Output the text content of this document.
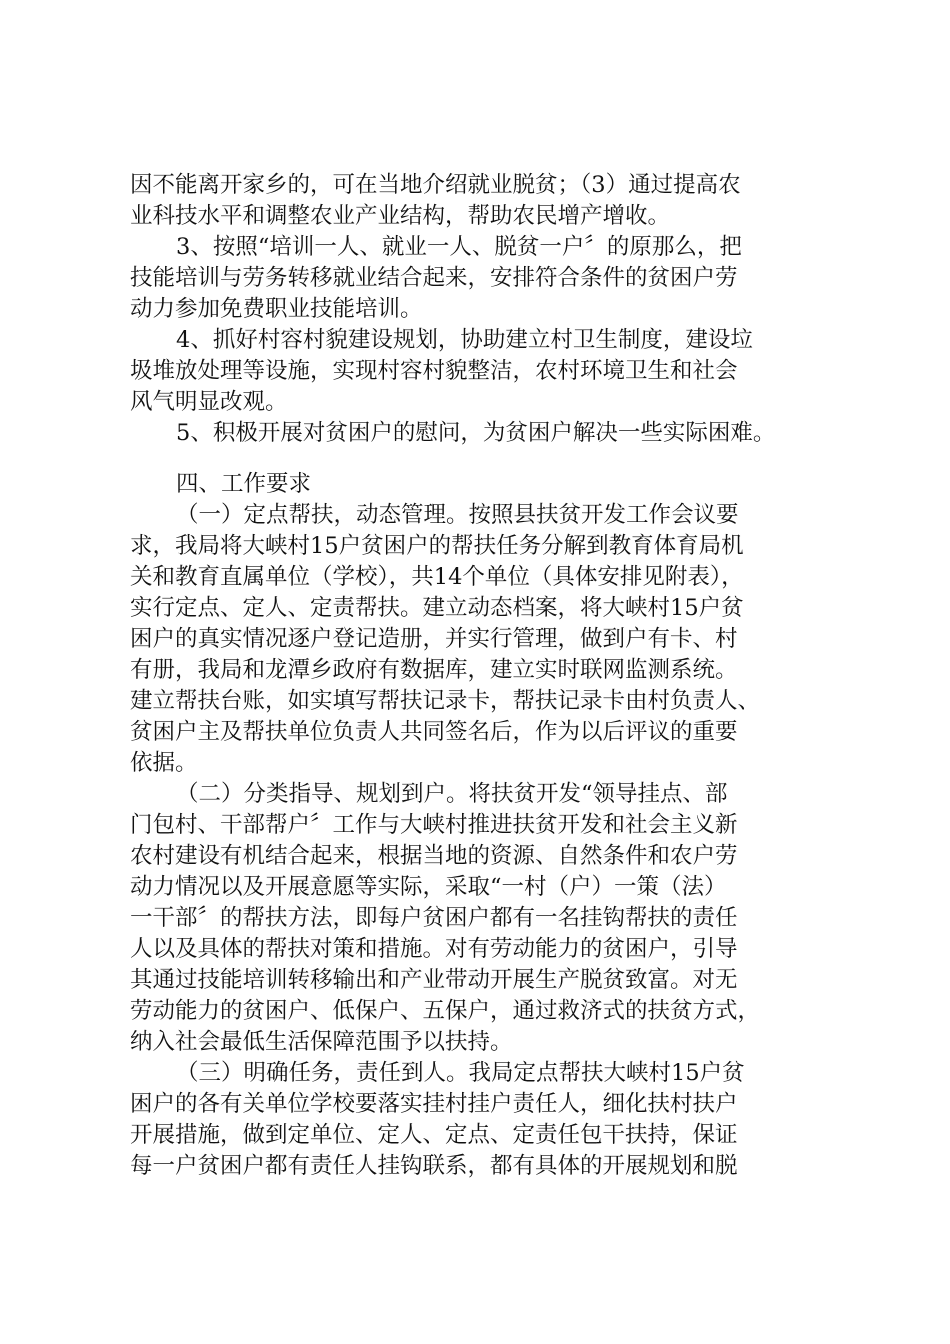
因不能离开家乡的，可在当地介绍就业脱贫；（3）通过提高农
业科技水平和调整农业产业结构，帮助农民增产增收。
3、按照“培训一人、就业一人、脱贫一户〞的原那么，把
技能培训与劳务转移就业结合起来，安排符合条件的贫困户劳
动力参加免费职业技能培训。
4、抓好村容村貌建设规划，协助建立村卫生制度，建设垃
圾堆放处理等设施，实现村容村貌整洁，农村环境卫生和社会
风气明显改观。
5、积极开展对贫困户的慰问，为贫困户解决一些实际困难。
四、工作要求
（一）定点帮扶，动态管理。按照县扶贫开发工作会议要
求，我局将大峡村15户贫困户的帮扶任务分解到教育体育局机
关和教育直属单位（学校），共14个单位（具体安排见附表），
实行定点、定人、定责帮扶。建立动态档案，将大峡村15户贫
困户的真实情况逐户登记造册，并实行管理，做到户有卡、村
有册，我局和龙潭乡政府有数据库，建立实时联网监测系统。
建立帮扶台账，如实填写帮扶记录卡，帮扶记录卡由村负责人、
贫困户主及帮扶单位负责人共同签名后，作为以后评议的重要
依据。
（二）分类指导、规划到户。将扶贫开发“领导挂点、部
门包村、干部帮户〞工作与大峡村推进扶贫开发和社会主义新
农村建设有机结合起来，根据当地的资源、自然条件和农户劳
动力情况以及开展意愿等实际，采取“一村（户）一策（法）
一干部〞的帮扶方法，即每户贫困户都有一名挂钩帮扶的责任
人以及具体的帮扶对策和措施。对有劳动能力的贫困户，引导
其通过技能培训转移输出和产业带动开展生产脱贫致富。对无
劳动能力的贫困户、低保户、五保户，通过救济式的扶贫方式，
纳入社会最低生活保障范围予以扶持。
（三）明确任务，责任到人。我局定点帮扶大峡村15户贫
困户的各有关单位学校要落实挂村挂户责任人，细化扶村扶户
开展措施，做到定单位、定人、定点、定责任包干扶持，保证
每一户贫困户都有责任人挂钩联系，都有具体的开展规划和脱
